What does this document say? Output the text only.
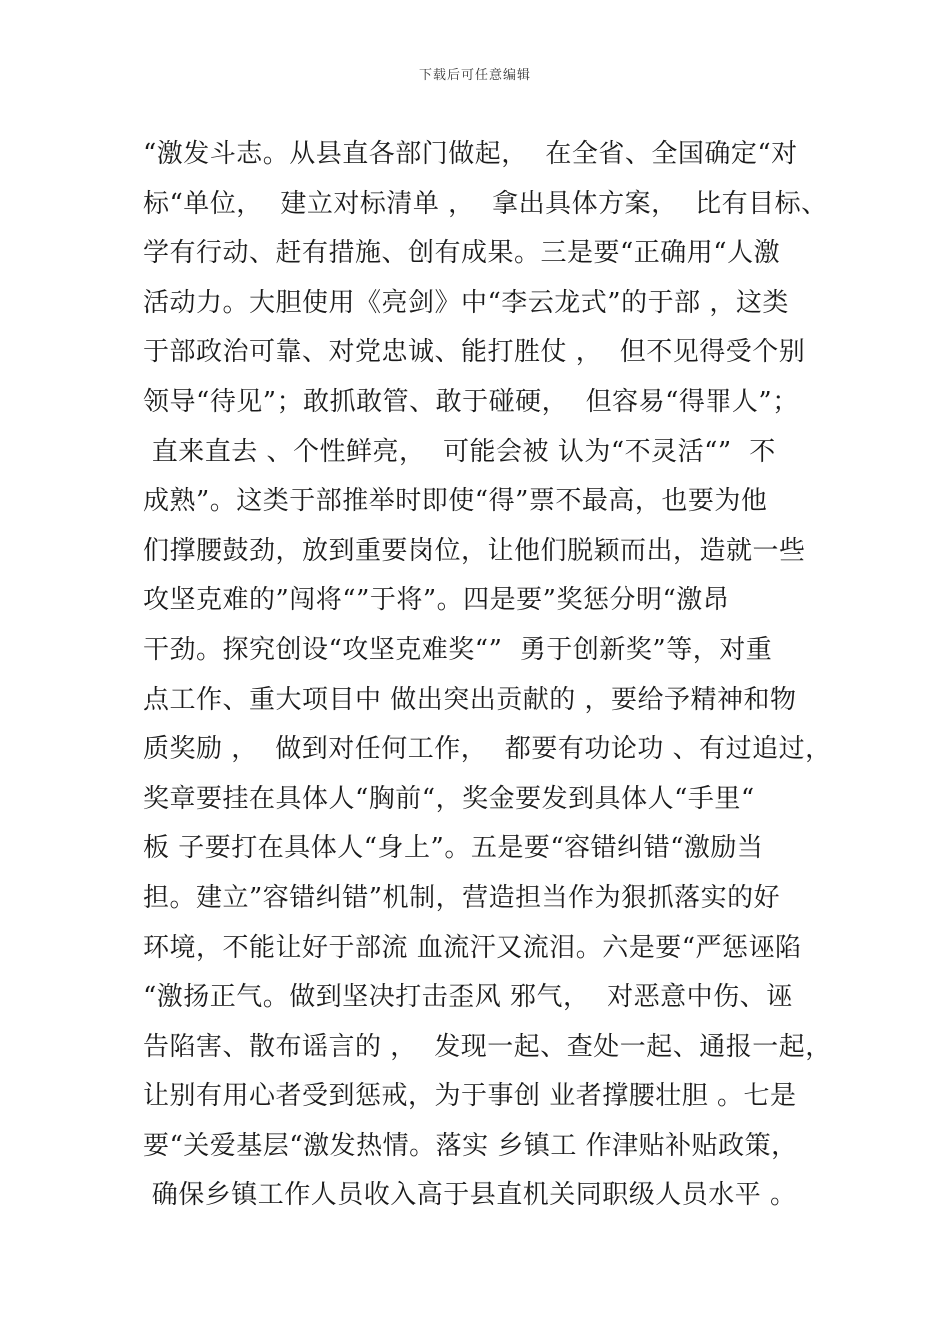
下载后可任意编辑
“激发斗志。从县直各部门做起，  在全省、全国确定“对
标“单位，  建立对标清单 ，  拿出具体方案，  比有目标、
学有行动、赶有措施、创有成果。三是要“正确用“人激
活动力。大胆使用《亮剑》中“李云龙式”的于部 ，这类
于部政治可靠、对党忠诚、能打胜仗 ，  但不见得受个别
领导“待见”；敢抓敢管、敢于碰硬，  但容易“得罪人”；
直来直去 、个性鲜亮，  可能会被 认为“不灵活“”  不
成熟”。这类于部推举时即使“得”票不最高，也要为他
们撑腰鼓劲，放到重要岗位，让他们脱颖而出，造就一些
攻坚克难的”闯将“”于将”。四是要”奖惩分明“激昂
干劲。探究创设“攻坚克难奖“”  勇于创新奖”等，对重
点工作、重大项目中 做出突出贡献的 ，要给予精神和物
质奖励 ，  做到对任何工作，  都要有功论功 、有过追过，
奖章要挂在具体人“胸前“，奖金要发到具体人“手里“
板 子要打在具体人“身上”。五是要“容错纠错“激励当
担。建立”容错纠错”机制，营造担当作为狠抓落实的好
环境，不能让好于部流 血流汗又流泪。六是要“严惩诬陷
“激扬正气。做到坚决打击歪风 邪气，  对恶意中伤、诬
告陷害、散布谣言的 ，  发现一起、查处一起、通报一起，
让别有用心者受到惩戒，为于事创 业者撑腰壮胆 。七是
要“关爱基层“激发热情。落实 乡镇工 作津贴补贴政策，
确保乡镇工作人员收入高于县直机关同职级人员水平 。
